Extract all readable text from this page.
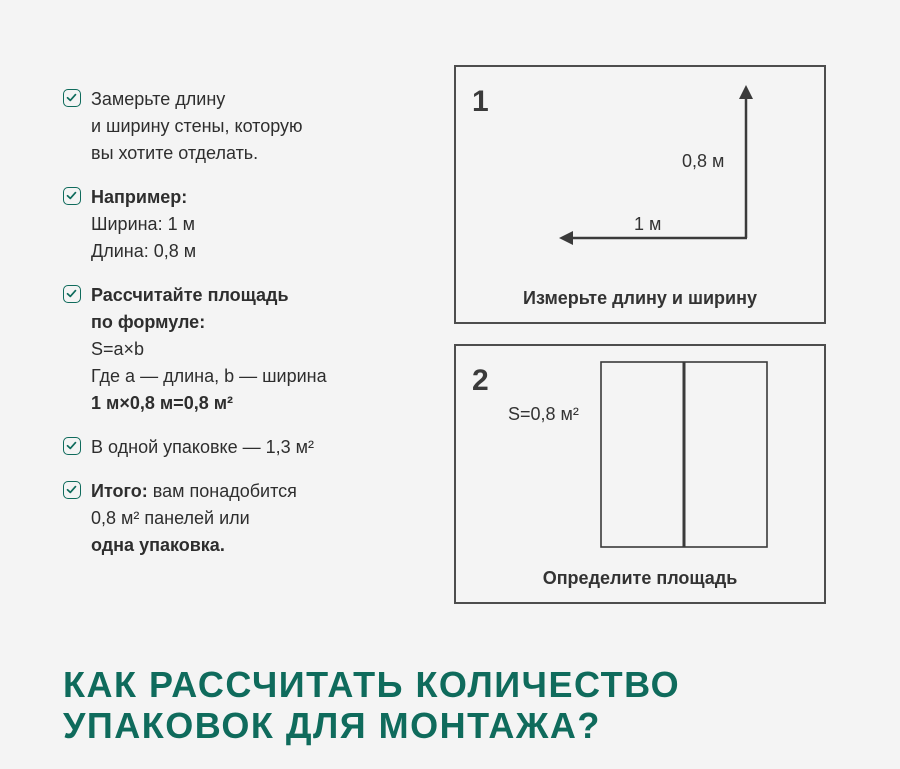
Замерьте длину
и ширину стены, которую
вы хотите отделать.
Например:
Ширина: 1 м
Длина: 0,8 м
Рассчитайте площадь
по формуле:
S=a×b
Где a — длина, b — ширина
1 м×0,8 м=0,8 м²
В одной упаковке — 1,3 м²
Итого: вам понадобится
0,8 м² панелей или
одна упаковка.
1
0,8 м
1 м
Измерьте длину и ширину
2
S=0,8 м²
Определите площадь
КАК РАССЧИТАТЬ КОЛИЧЕСТВО
УПАКОВОК ДЛЯ МОНТАЖА?
